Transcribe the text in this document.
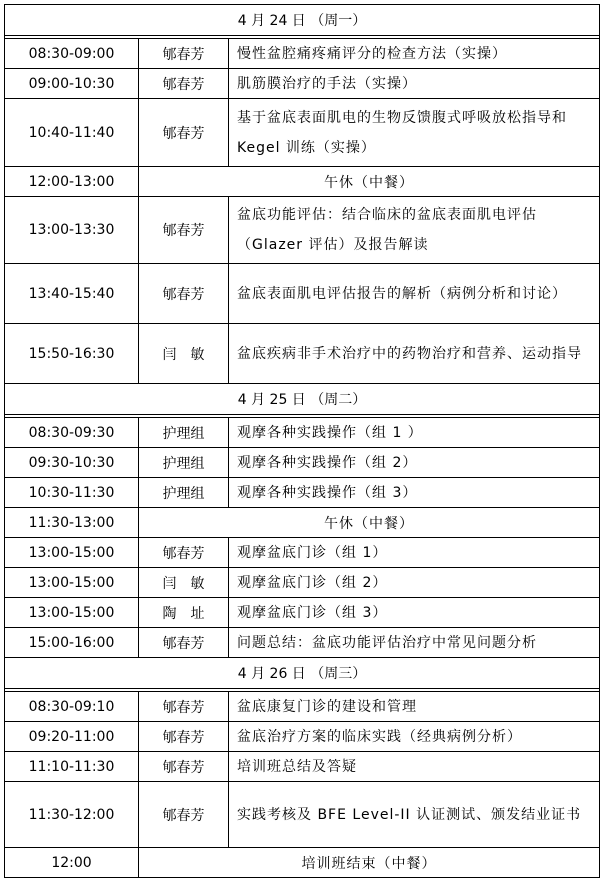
4 月 24 日 （周一）		

08:30-09:00	郇春芳	慢性盆腔痛疼痛评分的检查方法（实操）
09:00-10:30	郇春芳	肌筋膜治疗的手法（实操）
10:40-11:40	郇春芳	基于盆底表面肌电的生物反馈腹式呼吸放松指导和 Kegel 训练（实操）
12:00-13:00	午休（中餐）	
13:00-13:30	郇春芳	盆底功能评估：结合临床的盆底表面肌电评估（Glazer 评估）及报告解读
13:40-15:40	郇春芳	盆底表面肌电评估报告的解析（病例分析和讨论）
15:50-16:30	闫　敏	盆底疾病非手术治疗中的药物治疗和营养、运动指导
4 月 25 日 （周二）		

08:30-09:30	护理组	观摩各种实践操作（组 1 ）
09:30-10:30	护理组	观摩各种实践操作（组 2）
10:30-11:30	护理组	观摩各种实践操作（组 3）
11:30-13:00	午休（中餐）	
13:00-15:00	郇春芳	观摩盆底门诊（组 1）
13:00-15:00	闫　敏	观摩盆底门诊（组 2）
13:00-15:00	陶　址	观摩盆底门诊（组 3）
15:00-16:00	郇春芳	问题总结：盆底功能评估治疗中常见问题分析
4 月 26 日 （周三）		

08:30-09:10	郇春芳	盆底康复门诊的建设和管理
09:20-11:00	郇春芳	盆底治疗方案的临床实践（经典病例分析）
11:10-11:30	郇春芳	培训班总结及答疑
11:30-12:00	郇春芳	实践考核及 BFE Level-II 认证测试、颁发结业证书
12:00	培训班结束（中餐）	
